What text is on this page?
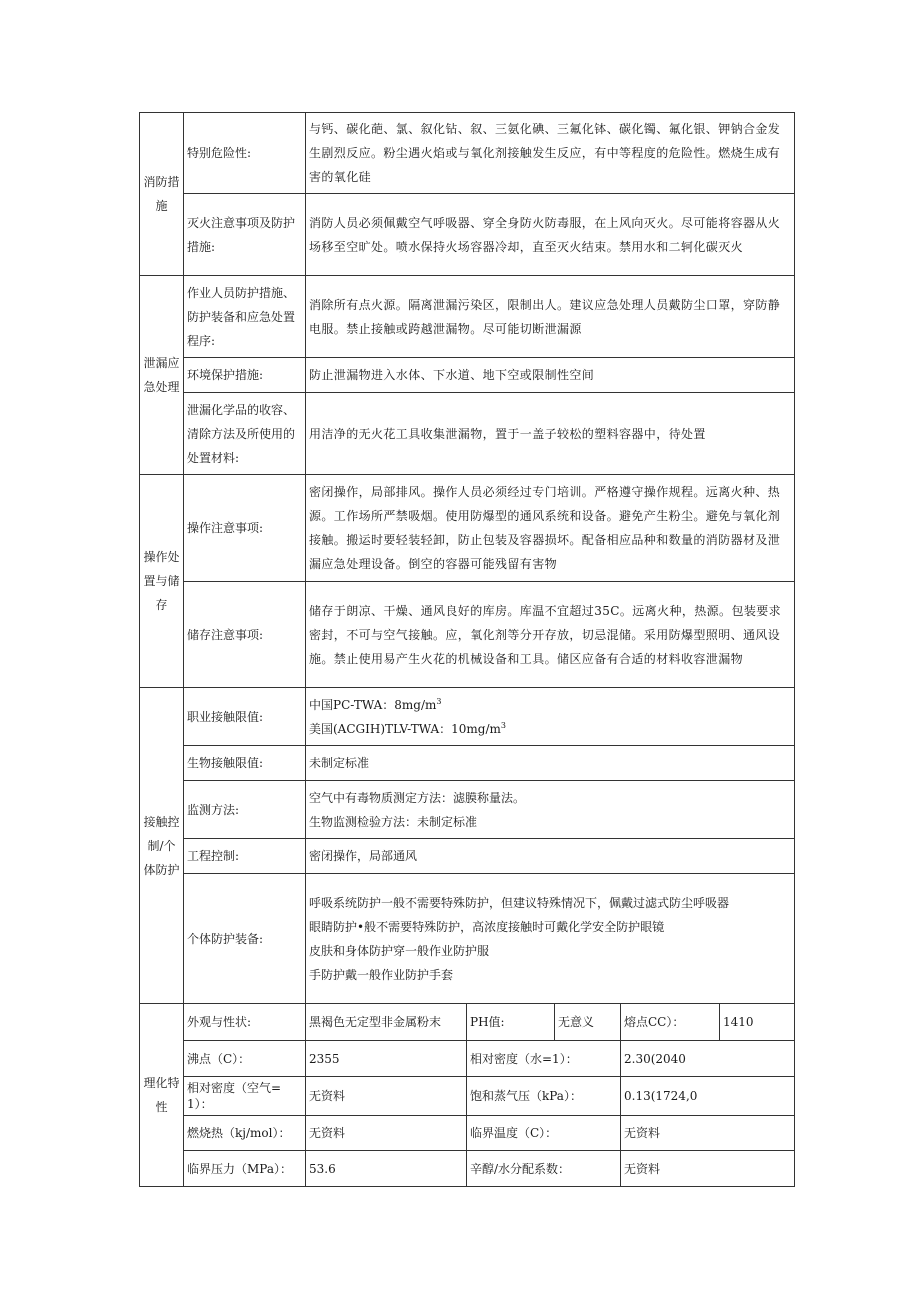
消防措施	特别危险性:	与钙、碳化葩、氯、叙化钻、叙、三氨化碘、三氟化钵、碳化镯、氟化银、钾钠合金发生剧烈反应。粉尘遇火焰或与氧化剂接触发生反应，有中等程度的危险性。燃烧生成有害的氧化硅				
	灭火注意事项及防护措施:	消防人员必须佩戴空气呼吸器、穿全身防火防毒服，在上风向灭火。尽可能将容器从火场移至空旷处。喷水保持火场容器冷却，直至灭火结束。禁用水和二轲化碳灭火				
泄漏应急处理	作业人员防护措施、防护装备和应急处置程序:	消除所有点火源。隔离泄漏污染区，限制出人。建议应急处理人员戴防尘口罩，穿防静电服。禁止接触或跨越泄漏物。尽可能切断泄漏源				
	环境保护措施:	防止泄漏物进入水体、下水道、地下空或限制性空间				
	泄漏化学品的收容、清除方法及所使用的处置材料:	用洁净的无火花工具收集泄漏物，置于一盖子较松的塑料容器中，待处置				
操作处置与储存	操作注意事项:	密闭操作，局部排风。操作人员必须经过专门培训。严格遵守操作规程。远离火种、热源。工作场所严禁吸烟。使用防爆型的通风系统和设备。避免产生粉尘。避免与氧化剂接触。搬运时要轻装轻卸，防止包装及容器损坏。配备相应品种和数量的消防器材及泄漏应急处理设备。倒空的容器可能残留有害物				
	储存注意事项:	储存于朗凉、干燥、通风良好的库房。库温不宜超过35C。远离火种，热源。包装要求密封，不可与空气接触。应，氧化剂等分开存放，切忌混储。采用防爆型照明、通风设施。禁止使用易产生火花的机械设备和工具。储区应备有合适的材料收容泄漏物				
接触控制/个体防护	职业接触限值:	中国PC-TWA：$8mg/m^3$
美国(ACGIH)TLV-TWA：$10mg/m^3$

	生物接触限值:	未制定标准				
	监测方法:	空气中有毒物质测定方法：滤膜称量法。
生物监测检验方法：未制定标准				

	工程控制:	密闭操作，局部通风				
	个体防护装备:	呼吸系统防护一般不需要特殊防护，但建议特殊情况下，佩戴过滤式防尘呼吸器
眼睛防护•般不需要特殊防护，高浓度接触时可戴化学安全防护眼镜
皮肤和身体防护穿一般作业防护服
手防护戴一般作业防护手套				

理化特性	外观与性状:	黑褐色无定型非金属粉末	PH值:	无意义	熔点CC）：	1410
	沸点（C）：	2355	相对密度（水=1）：		2.30(2040	
	相对密度（空气=1）：	无资料	饱和蒸气压（kPa）：		0.13(1724,0	
	燃烧热（kj/mol）：	无资料	临界温度（C）：		无资料	
	临界压力（MPa）：	53.6	辛醇/水分配系数：		无资料	
